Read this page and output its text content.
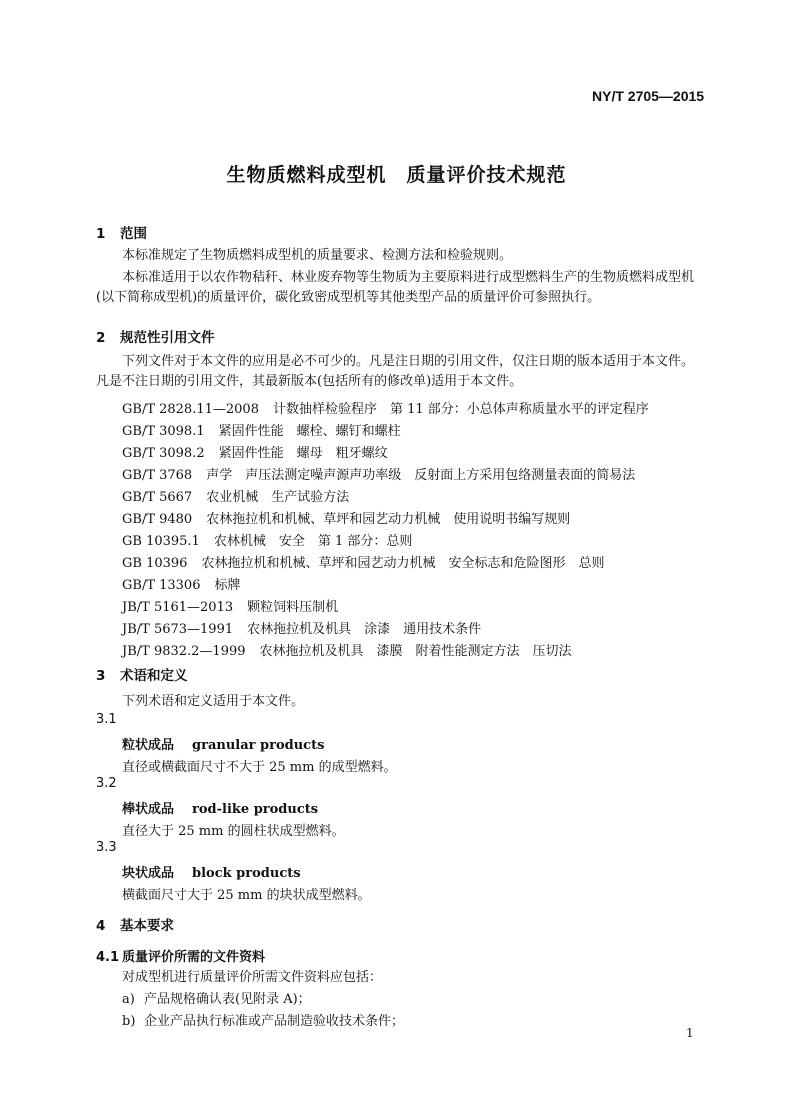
NY/T 2705—2015
生物质燃料成型机　质量评价技术规范
1 范围
本标准规定了生物质燃料成型机的质量要求、检测方法和检验规则。
本标准适用于以农作物秸秆、林业废弃物等生物质为主要原料进行成型燃料生产的生物质燃料成型机(以下简称成型机)的质量评价，碳化致密成型机等其他类型产品的质量评价可参照执行。
2 规范性引用文件
下列文件对于本文件的应用是必不可少的。凡是注日期的引用文件，仅注日期的版本适用于本文件。凡是不注日期的引用文件，其最新版本(包括所有的修改单)适用于本文件。
GB/T 2828.11—2008 计数抽样检验程序　第 11 部分：小总体声称质量水平的评定程序
GB/T 3098.1 紧固件性能　螺栓、螺钉和螺柱
GB/T 3098.2 紧固件性能　螺母　粗牙螺纹
GB/T 3768 声学　声压法测定噪声源声功率级　反射面上方采用包络测量表面的简易法
GB/T 5667 农业机械　生产试验方法
GB/T 9480 农林拖拉机和机械、草坪和园艺动力机械　使用说明书编写规则
GB 10395.1 农林机械　安全　第 1 部分：总则
GB 10396 农林拖拉机和机械、草坪和园艺动力机械　安全标志和危险图形　总则
GB/T 13306 标牌
JB/T 5161—2013 颗粒饲料压制机
JB/T 5673—1991 农林拖拉机及机具　涂漆　通用技术条件
JB/T 9832.2—1999 农林拖拉机及机具　漆膜　附着性能测定方法　压切法
3 术语和定义
下列术语和定义适用于本文件。
3.1
粒状成品 granular products
直径或横截面尺寸不大于 25 mm 的成型燃料。
3.2
棒状成品 rod-like products
直径大于 25 mm 的圆柱状成型燃料。
3.3
块状成品 block products
横截面尺寸大于 25 mm 的块状成型燃料。
4 基本要求
4.1 质量评价所需的文件资料
对成型机进行质量评价所需文件资料应包括：
a) 产品规格确认表(见附录 A)；
b) 企业产品执行标准或产品制造验收技术条件；
1
